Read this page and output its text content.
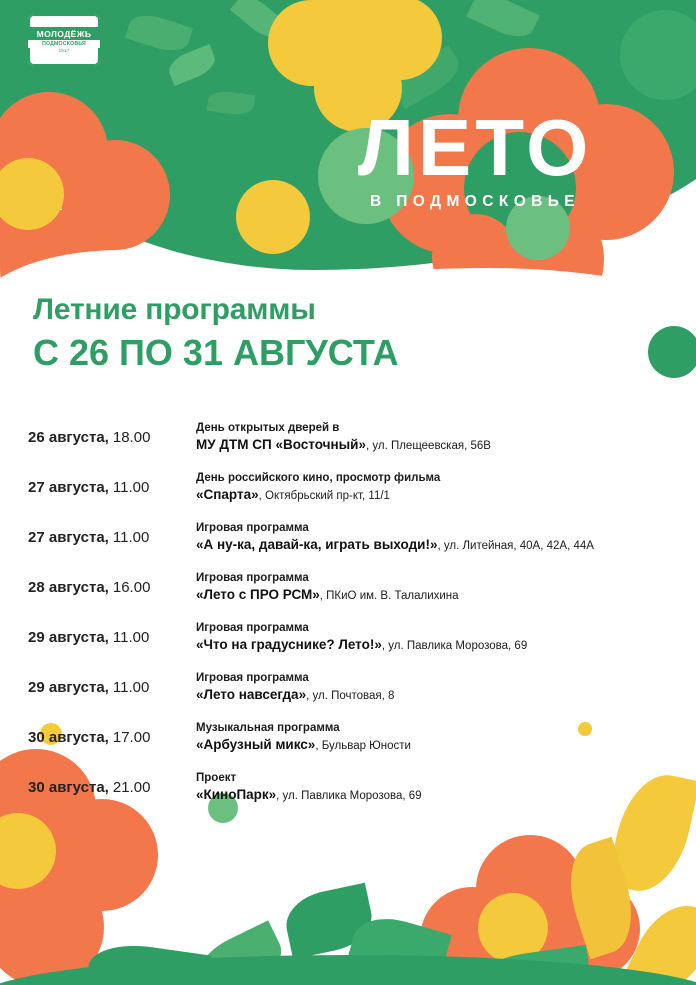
МОЛОДЁЖЬ
ПОДМОСКОВЬЯ
1917
ЛЕТО
В ПОДМОСКОВЬЕ
Летние программы
С 26 ПО 31 АВГУСТА
26 августа, 18.00
День открытых дверей в
МУ ДТМ СП «Восточный», ул. Плещеевская, 56В
27 августа, 11.00
День российского кино, просмотр фильма
«Спарта», Октябрьский пр-кт, 11/1
27 августа, 11.00
Игровая программа
«А ну-ка, давай-ка, играть выходи!», ул. Литейная, 40А, 42А, 44А
28 августа, 16.00
Игровая программа
«Лето с ПРО РСМ», ПКиО им. В. Талалихина
29 августа, 11.00
Игровая программа
«Что на градуснике? Лето!», ул. Павлика Морозова, 69
29 августа, 11.00
Игровая программа
«Лето навсегда», ул. Почтовая, 8
30 августа, 17.00
Музыкальная программа
«Арбузный микс», Бульвар Юности
30 августа, 21.00
Проект
«КиноПарк», ул. Павлика Морозова, 69
